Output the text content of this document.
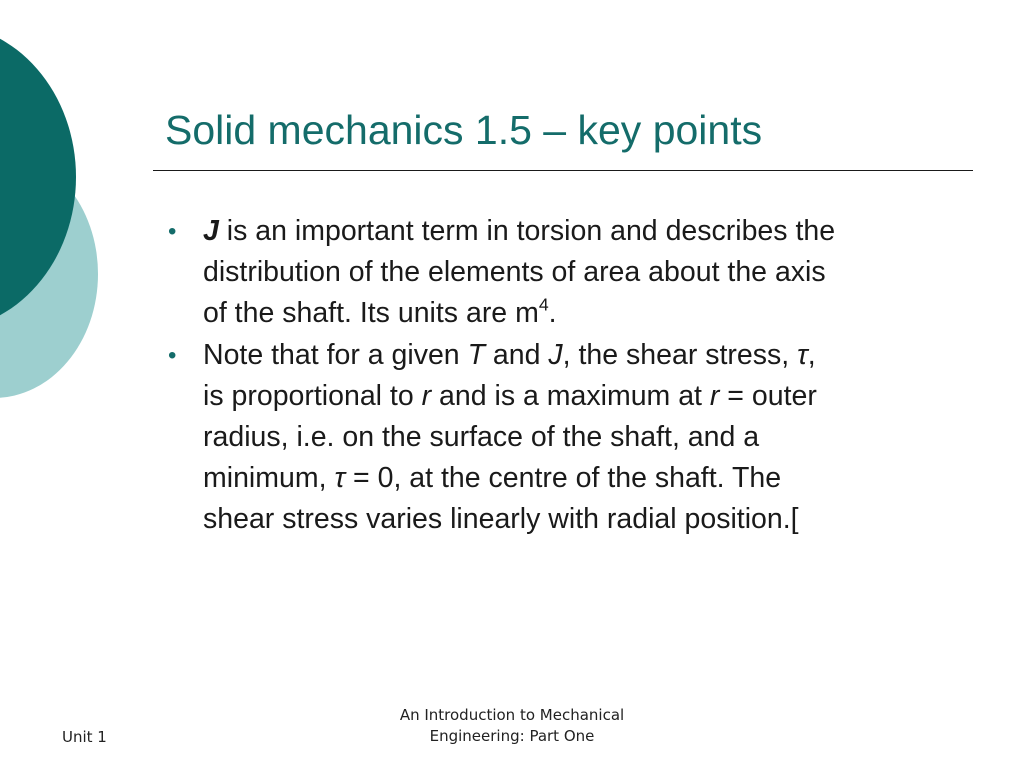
Solid mechanics 1.5 – key points
• J is an important term in torsion and describes the
distribution of the elements of area about the axis
of the shaft. Its units are $m^4$.
• Note that for a given T and J, the shear stress, τ,
is proportional to r and is a maximum at r = outer
radius, i.e. on the surface of the shaft, and a
minimum, τ = 0, at the centre of the shaft. The
shear stress varies linearly with radial position.[
Unit 1
An Introduction to Mechanical
Engineering: Part One
